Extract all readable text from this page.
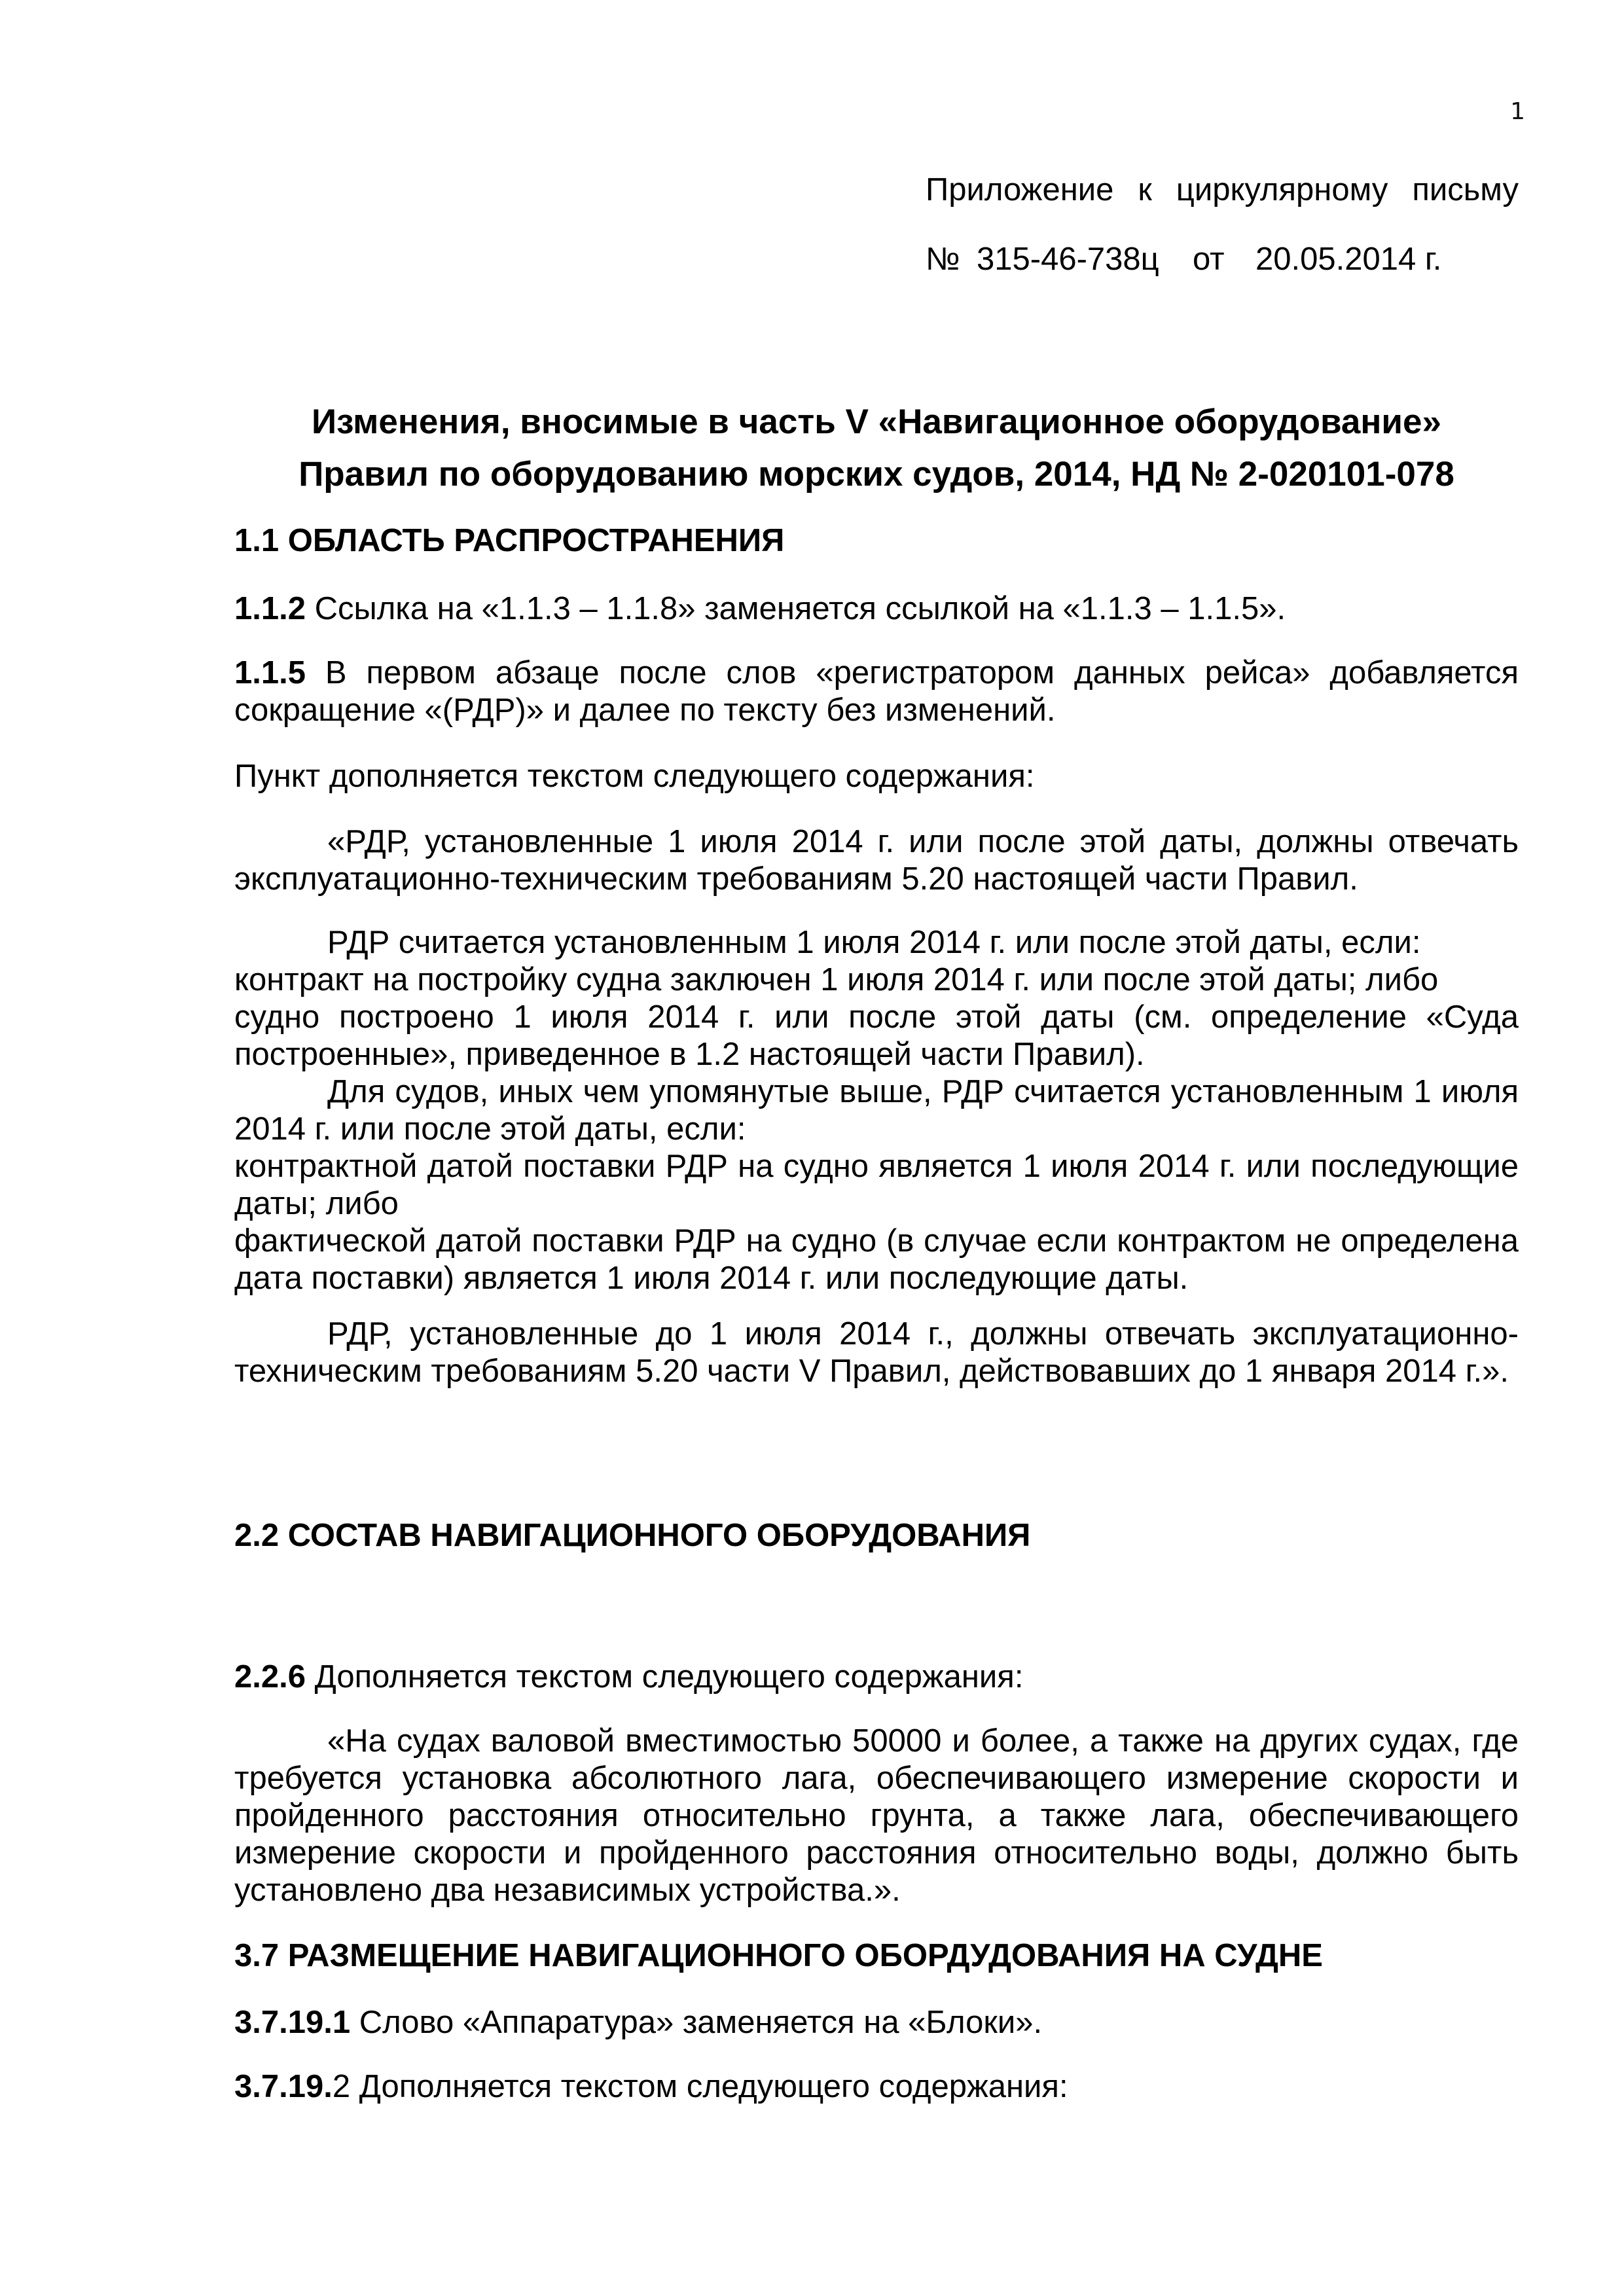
1
Приложение к циркулярному письму
№ 315-46-738ц от 20.05.2014 г.
Изменения, вносимые в часть V «Навигационное оборудование»
Правил по оборудованию морских судов, 2014, НД № 2-020101-078

1.1 ОБЛАСТЬ РАСПРОСТРАНЕНИЯ

1.1.2 Ссылка на «1.1.3 – 1.1.8» заменяется ссылкой на «1.1.3 – 1.1.5».

1.1.5 В первом абзаце после слов «регистратором данных рейса» добавляется сокращение «(РДР)» и далее по тексту без изменений.

Пункт дополняется текстом следующего содержания:

«РДР, установленные 1 июля 2014 г. или после этой даты, должны отвечать эксплуатационно-техническим требованиям 5.20 настоящей части Правил.

РДР считается установленным 1 июля 2014 г. или после этой даты, если:

контракт на постройку судна заключен 1 июля 2014 г. или после этой даты; либо

судно построено 1 июля 2014 г. или после этой даты (см. определение «Суда построенные», приведенное в 1.2 настоящей части Правил).

Для судов, иных чем упомянутые выше, РДР считается установленным 1 июля 2014 г. или после этой даты, если:

контрактной датой поставки РДР на судно является 1 июля 2014 г. или последующие даты; либо

фактической датой поставки РДР на судно (в случае если контрактом не определена дата поставки) является 1 июля 2014 г. или последующие даты.

РДР, установленные до 1 июля 2014 г., должны отвечать эксплуатационно-техническим требованиям 5.20 части V Правил, действовавших до 1 января 2014 г.».

2.2 СОСТАВ НАВИГАЦИОННОГО ОБОРУДОВАНИЯ

2.2.6 Дополняется текстом следующего содержания:

«На судах валовой вместимостью 50000 и более, а также на других судах, где требуется установка абсолютного лага, обеспечивающего измерение скорости и пройденного расстояния относительно грунта, а также лага, обеспечивающего измерение скорости и пройденного расстояния относительно воды, должно быть установлено два независимых устройства.».

3.7 РАЗМЕЩЕНИЕ НАВИГАЦИОННОГО ОБОРДУДОВАНИЯ НА СУДНЕ

3.7.19.1 Слово «Аппаратура» заменяется на «Блоки».

3.7.19.2 Дополняется текстом следующего содержания:
